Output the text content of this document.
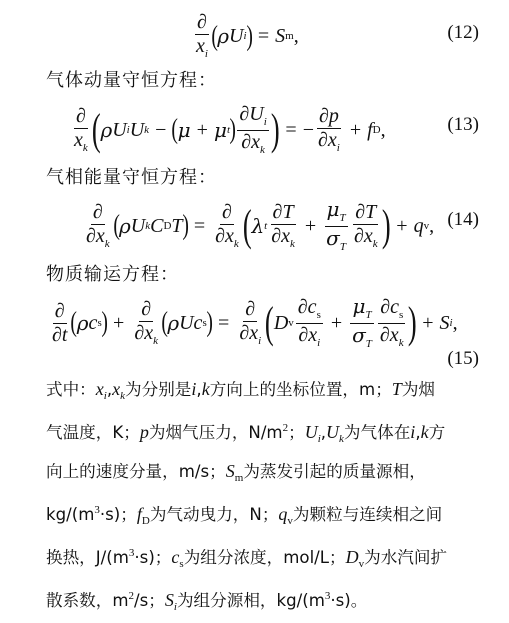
$\frac{\partial}{x_i}$ ( ρ U i ) = S m ,	(12)
气体动量守恒方程：
$\frac{\partial}{x_k}$ ( ρ U i U k − ( μ + μ t ) $\frac{\partial U_i}{\partial x_k}$ ) = − $\frac{\partial p}{\partial x_i} + f$ D ,	(13)
气相能量守恒方程：
$\frac{\partial}{\partial x_k}$ ( ρ U k C D T ) = $\frac{\partial}{\partial x_k}$ ( λ t $\frac{\partial T}{\partial x_k} + \frac{\mu_T}{\sigma_T} \frac{\partial T}{\partial x_k}$ ) + q v , (14)
物质输运方程：
$\frac{\partial}{\partial t}$ ( ρ c s ) + $\frac{\partial}{\partial x_k}$ ( ρ U c s ) = $\frac{\partial}{\partial x_i}$ ( D v $\frac{\partial c_s}{\partial x_i} + \frac{\mu_T}{\sigma_T} \frac{\partial c_s}{\partial x_k}$ ) + S i ,
(15)
式中：$x_i,x_k$为分别是i,k方向上的坐标位置，m；T为烟
气温度，K；p为烟气压力，$N/m^2$；$U_i,U_k$为气体在i,k方
向上的速度分量，m/s；$S_m$为蒸发引起的质量源相，
$kg/(m^3\cdot s)$；$f_D$为气动曳力，N；$q_v$为颗粒与连续相之间
换热，$J/(m^3\cdot s)$；$c_s$为组分浓度，mol/L；$D_v$为水汽间扩
散系数，$m^2/s$；$S_i$为组分源相，$kg/(m^3\cdot s)$。
